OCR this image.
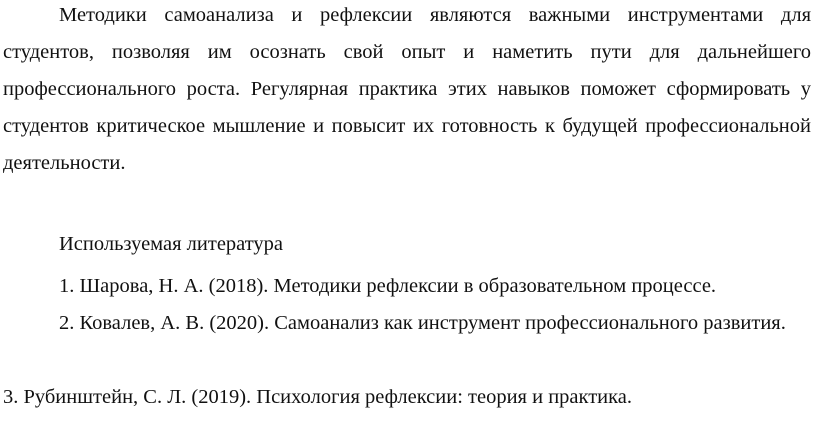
Методики самоанализа и рефлексии являются важными инструментами для студентов, позволяя им осознать свой опыт и наметить пути для дальнейшего профессионального роста. Регулярная практика этих навыков поможет сформировать у студентов критическое мышление и повысит их готовность к будущей профессиональной деятельности.

Используемая литература

1. Шарова, Н. А. (2018). Методики рефлексии в образовательном процессе.

2. Ковалев, А. В. (2020). Самоанализ как инструмент профессионального развития.

3. Рубинштейн, С. Л. (2019). Психология рефлексии: теория и практика.
